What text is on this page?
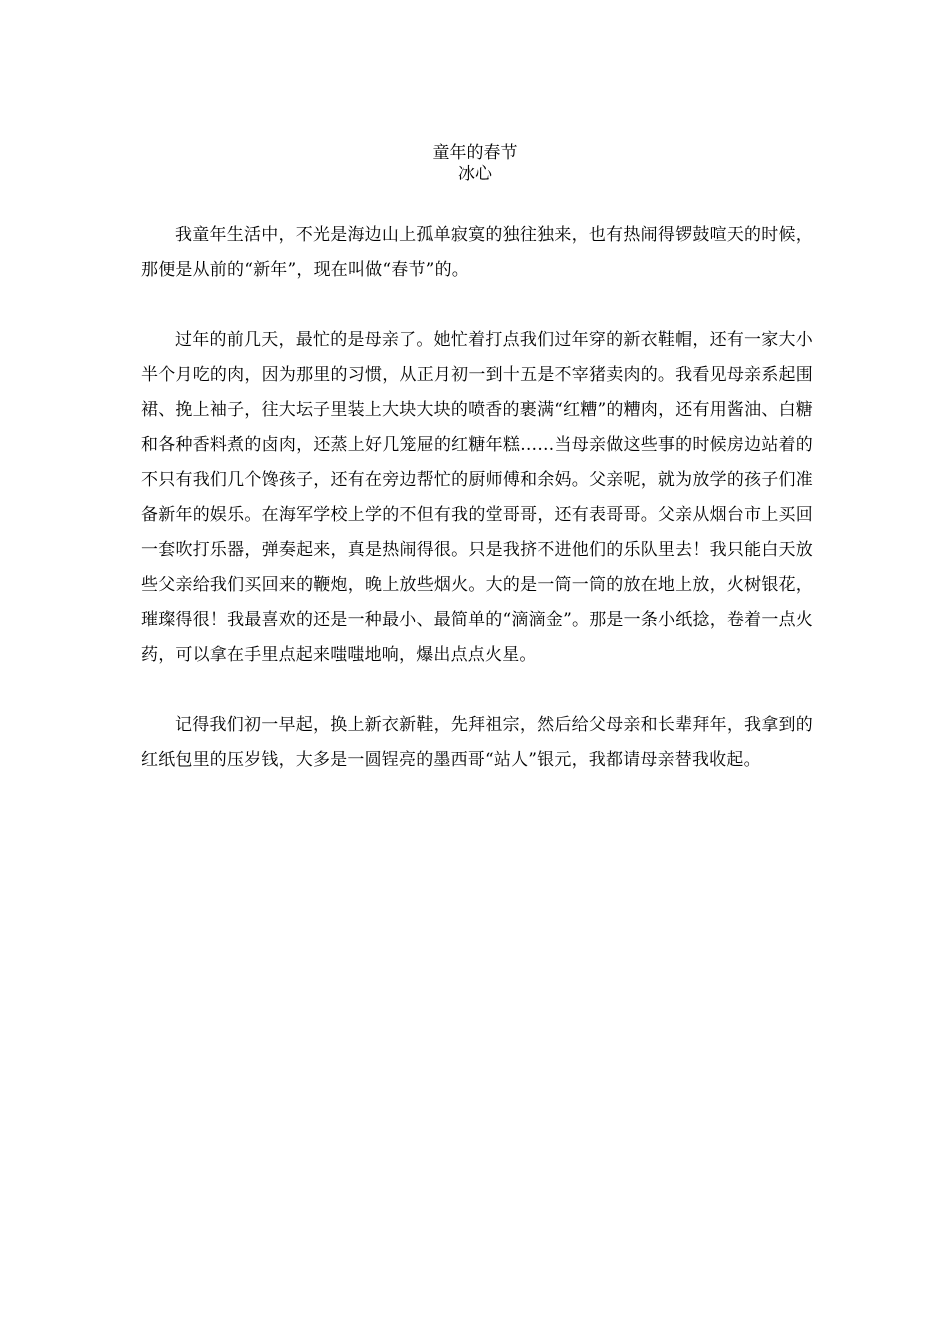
童年的春节
冰心

我童年生活中，不光是海边山上孤单寂寞的独往独来，也有热闹得锣鼓喧天的时候，那便是从前的“新年”，现在叫做“春节”的。

过年的前几天，最忙的是母亲了。她忙着打点我们过年穿的新衣鞋帽，还有一家大小半个月吃的肉，因为那里的习惯，从正月初一到十五是不宰猪卖肉的。我看见母亲系起围裙、挽上袖子，往大坛子里装上大块大块的喷香的裹满“红糟”的糟肉，还有用酱油、白糖和各种香料煮的卤肉，还蒸上好几笼屉的红糖年糕……当母亲做这些事的时候房边站着的不只有我们几个馋孩子，还有在旁边帮忙的厨师傅和余妈。父亲呢，就为放学的孩子们准备新年的娱乐。在海军学校上学的不但有我的堂哥哥，还有表哥哥。父亲从烟台市上买回一套吹打乐器，弹奏起来，真是热闹得很。只是我挤不进他们的乐队里去！我只能白天放些父亲给我们买回来的鞭炮，晚上放些烟火。大的是一筒一筒的放在地上放，火树银花，璀璨得很！我最喜欢的还是一种最小、最简单的“滴滴金”。那是一条小纸捻，卷着一点火药，可以拿在手里点起来嗤嗤地响，爆出点点火星。

记得我们初一早起，换上新衣新鞋，先拜祖宗，然后给父母亲和长辈拜年，我拿到的红纸包里的压岁钱，大多是一圆锃亮的墨西哥“站人”银元，我都请母亲替我收起。
